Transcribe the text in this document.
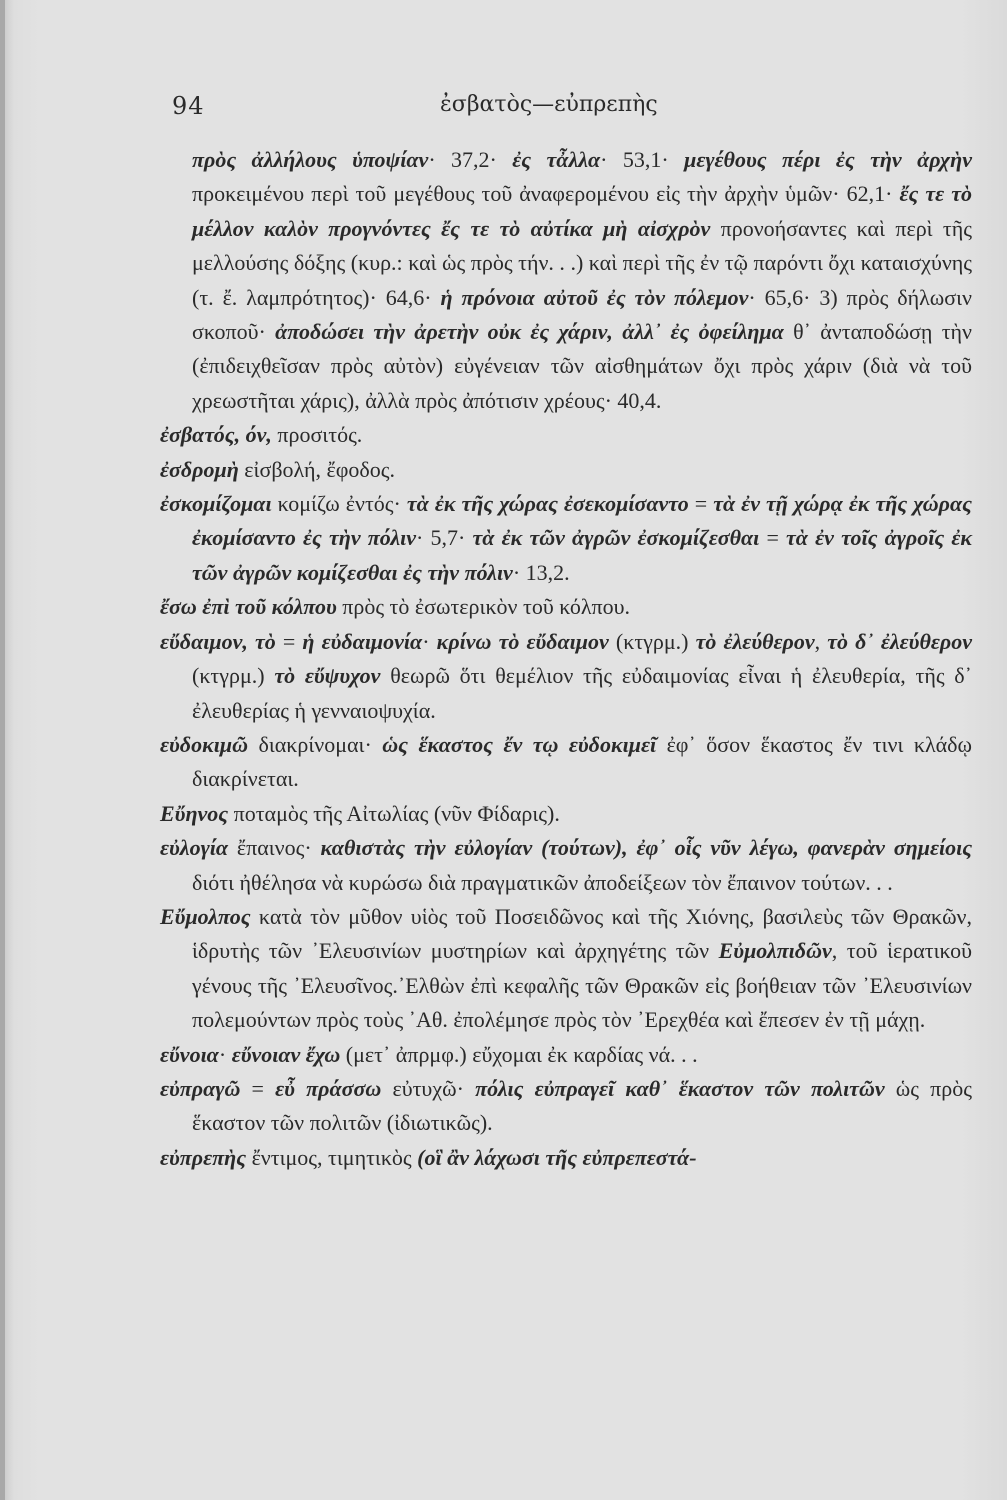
94	ἐσβατὸς—εὐπρεπὴς

πρὸς ἀλλήλους ὑποψίαν· 37,2· ἐς τἆλλα· 53,1· μεγέθους πέρι ἐς τὴν ἀρχὴν προκειμένου περὶ τοῦ μεγέθους τοῦ ἀναφερομένου εἰς τὴν ἀρχὴν ὑμῶν· 62,1· ἔς τε τὸ μέλλον καλὸν προγνόντες ἔς τε τὸ αὐτίκα μὴ αἰσχρὸν προνοήσαντες καὶ περὶ τῆς μελλούσης δόξης (κυρ.: καὶ ὡς πρὸς τήν. . .) καὶ περὶ τῆς ἐν τῷ παρόντι ὄχι καταισχύνης (τ. ἔ. λαμπρότητος)· 64,6· ἡ πρόνοια αὐτοῦ ἐς τὸν πόλεμον· 65,6· 3) πρὸς δήλωσιν σκοποῦ· ἀποδώσει τὴν ἀρετὴν οὐκ ἐς χάριν, ἀλλ᾽ ἐς ὀφείλημα θ᾽ ἀνταποδώσῃ τὴν (ἐπιδειχθεῖσαν πρὸς αὐτὸν) εὐγένειαν τῶν αἰσθημάτων ὄχι πρὸς χάριν (διὰ νὰ τοῦ χρεωστῆται χάρις), ἀλλὰ πρὸς ἀπότισιν χρέους· 40,4.

ἐσβατός, όν, προσιτός.

ἐσδρομὴ εἰσβολή, ἔφοδος.

ἐσκομίζομαι κομίζω ἐντός· τὰ ἐκ τῆς χώρας ἐσεκομίσαντο = τὰ ἐν τῇ χώρᾳ ἐκ τῆς χώρας ἐκομίσαντο ἐς τὴν πόλιν· 5,7· τὰ ἐκ τῶν ἀγρῶν ἐσκομίζεσθαι = τὰ ἐν τοῖς ἀγροῖς ἐκ τῶν ἀγρῶν κομίζεσθαι ἐς τὴν πόλιν· 13,2.

ἔσω ἐπὶ τοῦ κόλπου πρὸς τὸ ἐσωτερικὸν τοῦ κόλπου.

εὔδαιμον, τὸ = ἡ εὐδαιμονία· κρίνω τὸ εὔδαιμον (κτγρμ.) τὸ ἐλεύθερον, τὸ δ᾽ ἐλεύθερον (κτγρμ.) τὸ εὔψυχον θεωρῶ ὅτι θεμέλιον τῆς εὐδαιμονίας εἶναι ἡ ἐλευθερία, τῆς δ᾽ ἐλευθερίας ἡ γενναιοψυχία.

εὐδοκιμῶ διακρίνομαι· ὡς ἕκαστος ἔν τῳ εὐδοκιμεῖ ἐφ᾽ ὅσον ἕκαστος ἔν τινι κλάδῳ διακρίνεται.

Εὔηνος ποταμὸς τῆς Αἰτωλίας (νῦν Φίδαρις).

εὐλογία ἔπαινος· καθιστὰς τὴν εὐλογίαν (τούτων), ἐφ᾽ οἷς νῦν λέγω, φανερὰν σημείοις διότι ἠθέλησα νὰ κυρώσω διὰ πραγματικῶν ἀποδείξεων τὸν ἔπαινον τούτων. . .

Εὔμολπος κατὰ τὸν μῦθον υἱὸς τοῦ Ποσειδῶνος καὶ τῆς Χιόνης, βασιλεὺς τῶν Θρακῶν, ἱδρυτὴς τῶν ᾽Ελευσινίων μυστηρίων καὶ ἀρχηγέτης τῶν Εὐμολπιδῶν, τοῦ ἱερατικοῦ γένους τῆς ᾽Ελευσῖνος.᾽Ελθὼν ἐπὶ κεφαλῆς τῶν Θρακῶν εἰς βοήθειαν τῶν ᾽Ελευσινίων πολεμούντων πρὸς τοὺς ᾽Αθ. ἐπολέμησε πρὸς τὸν ᾽Ερεχθέα καὶ ἔπεσεν ἐν τῇ μάχῃ.

εὔνοια· εὔνοιαν ἔχω (μετ᾽ ἀπρμφ.) εὔχομαι ἐκ καρδίας νά. . .

εὐπραγῶ = εὖ πράσσω εὐτυχῶ· πόλις εὐπραγεῖ καθ᾽ ἕκαστον τῶν πολιτῶν ὡς πρὸς ἕκαστον τῶν πολιτῶν (ἰδιωτικῶς).

εὐπρεπὴς ἔντιμος, τιμητικὸς (οἳ ἂν λάχωσι τῆς εὐπρεπεστά-
